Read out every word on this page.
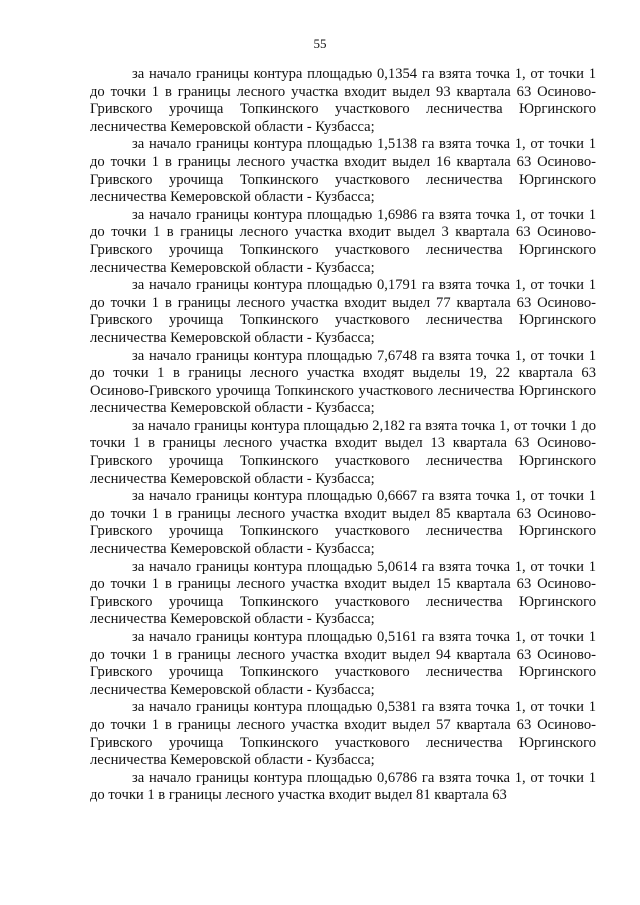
55

за начало границы контура площадью 0,1354 га взята точка 1, от точки 1 до точки 1 в границы лесного участка входит выдел 93 квартала 63 Осиново-Гривского урочища Топкинского участкового лесничества Юргинского лесничества Кемеровской области - Кузбасса;

за начало границы контура площадью 1,5138 га взята точка 1, от точки 1 до точки 1 в границы лесного участка входит выдел 16 квартала 63 Осиново-Гривского урочища Топкинского участкового лесничества Юргинского лесничества Кемеровской области - Кузбасса;

за начало границы контура площадью 1,6986 га взята точка 1, от точки 1 до точки 1 в границы лесного участка входит выдел 3 квартала 63 Осиново-Гривского урочища Топкинского участкового лесничества Юргинского лесничества Кемеровской области - Кузбасса;

за начало границы контура площадью 0,1791 га взята точка 1, от точки 1 до точки 1 в границы лесного участка входит выдел 77 квартала 63 Осиново-Гривского урочища Топкинского участкового лесничества Юргинского лесничества Кемеровской области - Кузбасса;

за начало границы контура площадью 7,6748 га взята точка 1, от точки 1 до точки 1 в границы лесного участка входят выделы 19, 22 квартала 63 Осиново-Гривского урочища Топкинского участкового лесничества Юргинского лесничества Кемеровской области - Кузбасса;

за начало границы контура площадью 2,182 га взята точка 1, от точки 1 до точки 1 в границы лесного участка входит выдел 13 квартала 63 Осиново-Гривского урочища Топкинского участкового лесничества Юргинского лесничества Кемеровской области - Кузбасса;

за начало границы контура площадью 0,6667 га взята точка 1, от точки 1 до точки 1 в границы лесного участка входит выдел 85 квартала 63 Осиново-Гривского урочища Топкинского участкового лесничества Юргинского лесничества Кемеровской области - Кузбасса;

за начало границы контура площадью 5,0614 га взята точка 1, от точки 1 до точки 1 в границы лесного участка входит выдел 15 квартала 63 Осиново-Гривского урочища Топкинского участкового лесничества Юргинского лесничества Кемеровской области - Кузбасса;

за начало границы контура площадью 0,5161 га взята точка 1, от точки 1 до точки 1 в границы лесного участка входит выдел 94 квартала 63 Осиново-Гривского урочища Топкинского участкового лесничества Юргинского лесничества Кемеровской области - Кузбасса;

за начало границы контура площадью 0,5381 га взята точка 1, от точки 1 до точки 1 в границы лесного участка входит выдел 57 квартала 63 Осиново-Гривского урочища Топкинского участкового лесничества Юргинского лесничества Кемеровской области - Кузбасса;

за начало границы контура площадью 0,6786 га взята точка 1, от точки 1 до точки 1 в границы лесного участка входит выдел 81 квартала 63
